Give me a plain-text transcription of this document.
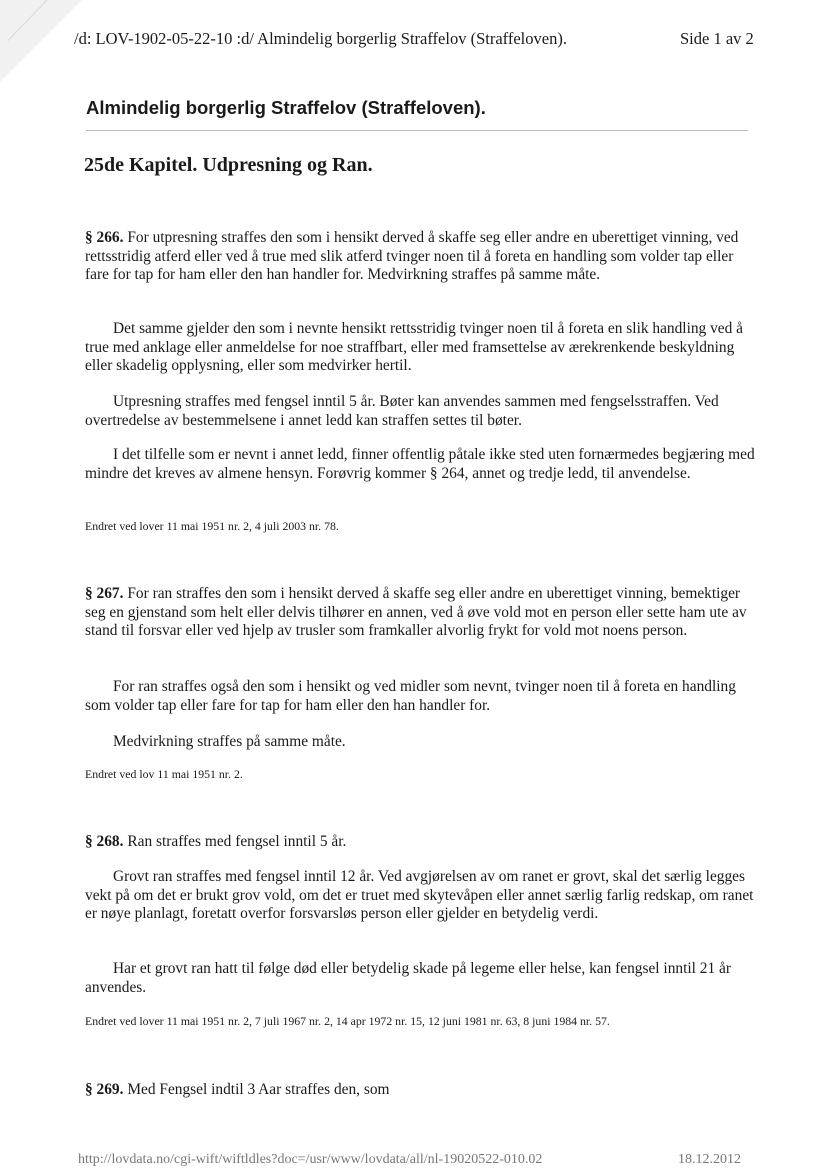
/d: LOV-1902-05-22-10 :d/ Almindelig borgerlig Straffelov (Straffeloven).	Side 1 av 2
Almindelig borgerlig Straffelov (Straffeloven).
25de Kapitel. Udpresning og Ran.
§ 266. For utpresning straffes den som i hensikt derved å skaffe seg eller andre en uberettiget vinning, ved rettsstridig atferd eller ved å true med slik atferd tvinger noen til å foreta en handling som volder tap eller fare for tap for ham eller den han handler for. Medvirkning straffes på samme måte.
Det samme gjelder den som i nevnte hensikt rettsstridig tvinger noen til å foreta en slik handling ved å true med anklage eller anmeldelse for noe straffbart, eller med framsettelse av ærekrenkende beskyldning eller skadelig opplysning, eller som medvirker hertil.
Utpresning straffes med fengsel inntil 5 år. Bøter kan anvendes sammen med fengselsstraffen. Ved overtredelse av bestemmelsene i annet ledd kan straffen settes til bøter.
I det tilfelle som er nevnt i annet ledd, finner offentlig påtale ikke sted uten fornærmedes begjæring med mindre det kreves av almene hensyn. Forøvrig kommer § 264, annet og tredje ledd, til anvendelse.
Endret ved lover 11 mai 1951 nr. 2, 4 juli 2003 nr. 78.
§ 267. For ran straffes den som i hensikt derved å skaffe seg eller andre en uberettiget vinning, bemektiger seg en gjenstand som helt eller delvis tilhører en annen, ved å øve vold mot en person eller sette ham ute av stand til forsvar eller ved hjelp av trusler som framkaller alvorlig frykt for vold mot noens person.
For ran straffes også den som i hensikt og ved midler som nevnt, tvinger noen til å foreta en handling som volder tap eller fare for tap for ham eller den han handler for.
Medvirkning straffes på samme måte.
Endret ved lov 11 mai 1951 nr. 2.
§ 268. Ran straffes med fengsel inntil 5 år.
Grovt ran straffes med fengsel inntil 12 år. Ved avgjørelsen av om ranet er grovt, skal det særlig legges vekt på om det er brukt grov vold, om det er truet med skytevåpen eller annet særlig farlig redskap, om ranet er nøye planlagt, foretatt overfor forsvarsløs person eller gjelder en betydelig verdi.
Har et grovt ran hatt til følge død eller betydelig skade på legeme eller helse, kan fengsel inntil 21 år anvendes.
Endret ved lover 11 mai 1951 nr. 2, 7 juli 1967 nr. 2, 14 apr 1972 nr. 15, 12 juni 1981 nr. 63, 8 juni 1984 nr. 57.
§ 269. Med Fengsel indtil 3 Aar straffes den, som
http://lovdata.no/cgi-wift/wiftldles?doc=/usr/www/lovdata/all/nl-19020522-010.02	18.12.2012
